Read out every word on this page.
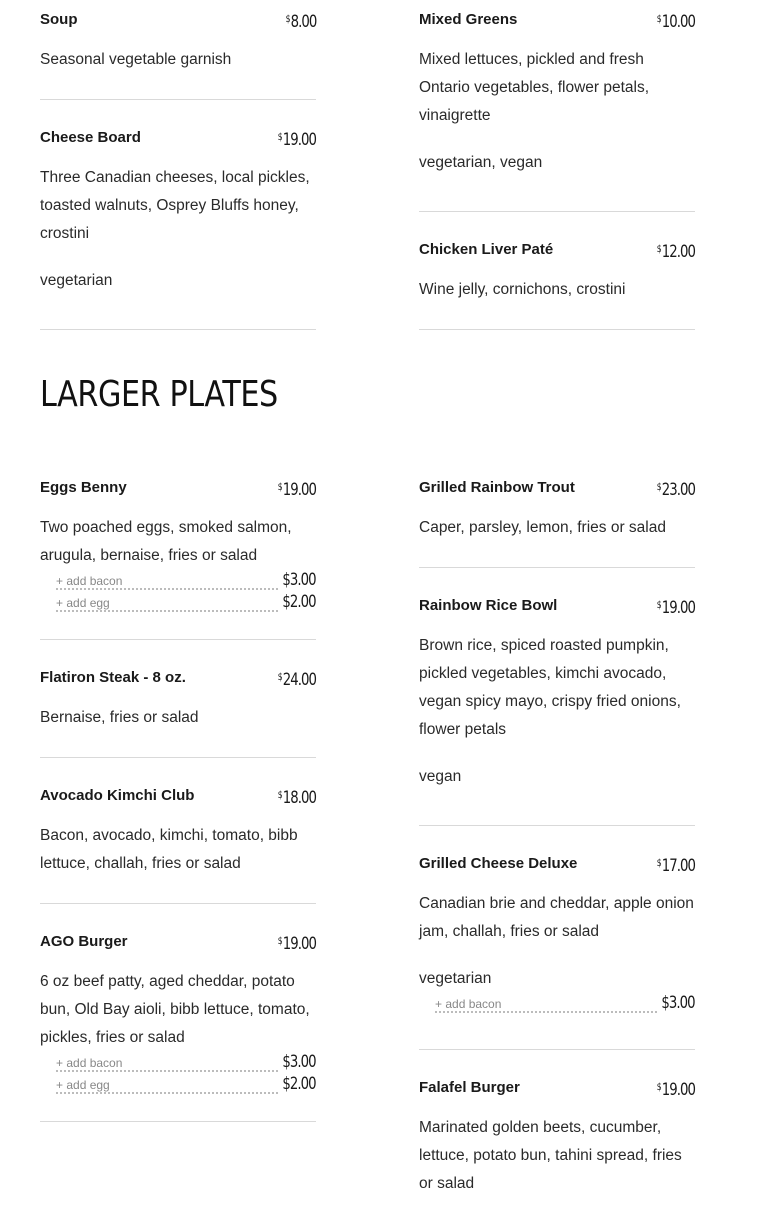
Soup	$8.00
Seasonal vegetable garnish
Cheese Board	$19.00
Three Canadian cheeses, local pickles, toasted walnuts, Osprey Bluffs honey, crostini
vegetarian
Mixed Greens	$10.00
Mixed lettuces, pickled and fresh Ontario vegetables, flower petals, vinaigrette
vegetarian, vegan
Chicken Liver Paté	$12.00
Wine jelly, cornichons, crostini
LARGER PLATES
Eggs Benny	$19.00
Two poached eggs, smoked salmon, arugula, bernaise, fries or salad
+ add bacon	$3.00
+ add egg	$2.00
Flatiron Steak - 8 oz.	$24.00
Bernaise, fries or salad
Avocado Kimchi Club	$18.00
Bacon, avocado, kimchi, tomato, bibb lettuce, challah, fries or salad
AGO Burger	$19.00
6 oz beef patty, aged cheddar, potato bun, Old Bay aioli, bibb lettuce, tomato, pickles, fries or salad
+ add bacon	$3.00
+ add egg	$2.00
Grilled Rainbow Trout	$23.00
Caper, parsley, lemon, fries or salad
Rainbow Rice Bowl	$19.00
Brown rice, spiced roasted pumpkin, pickled vegetables, kimchi avocado, vegan spicy mayo, crispy fried onions, flower petals
vegan
Grilled Cheese Deluxe	$17.00
Canadian brie and cheddar, apple onion jam, challah, fries or salad
vegetarian
+ add bacon	$3.00
Falafel Burger	$19.00
Marinated golden beets, cucumber, lettuce, potato bun, tahini spread, fries or salad
